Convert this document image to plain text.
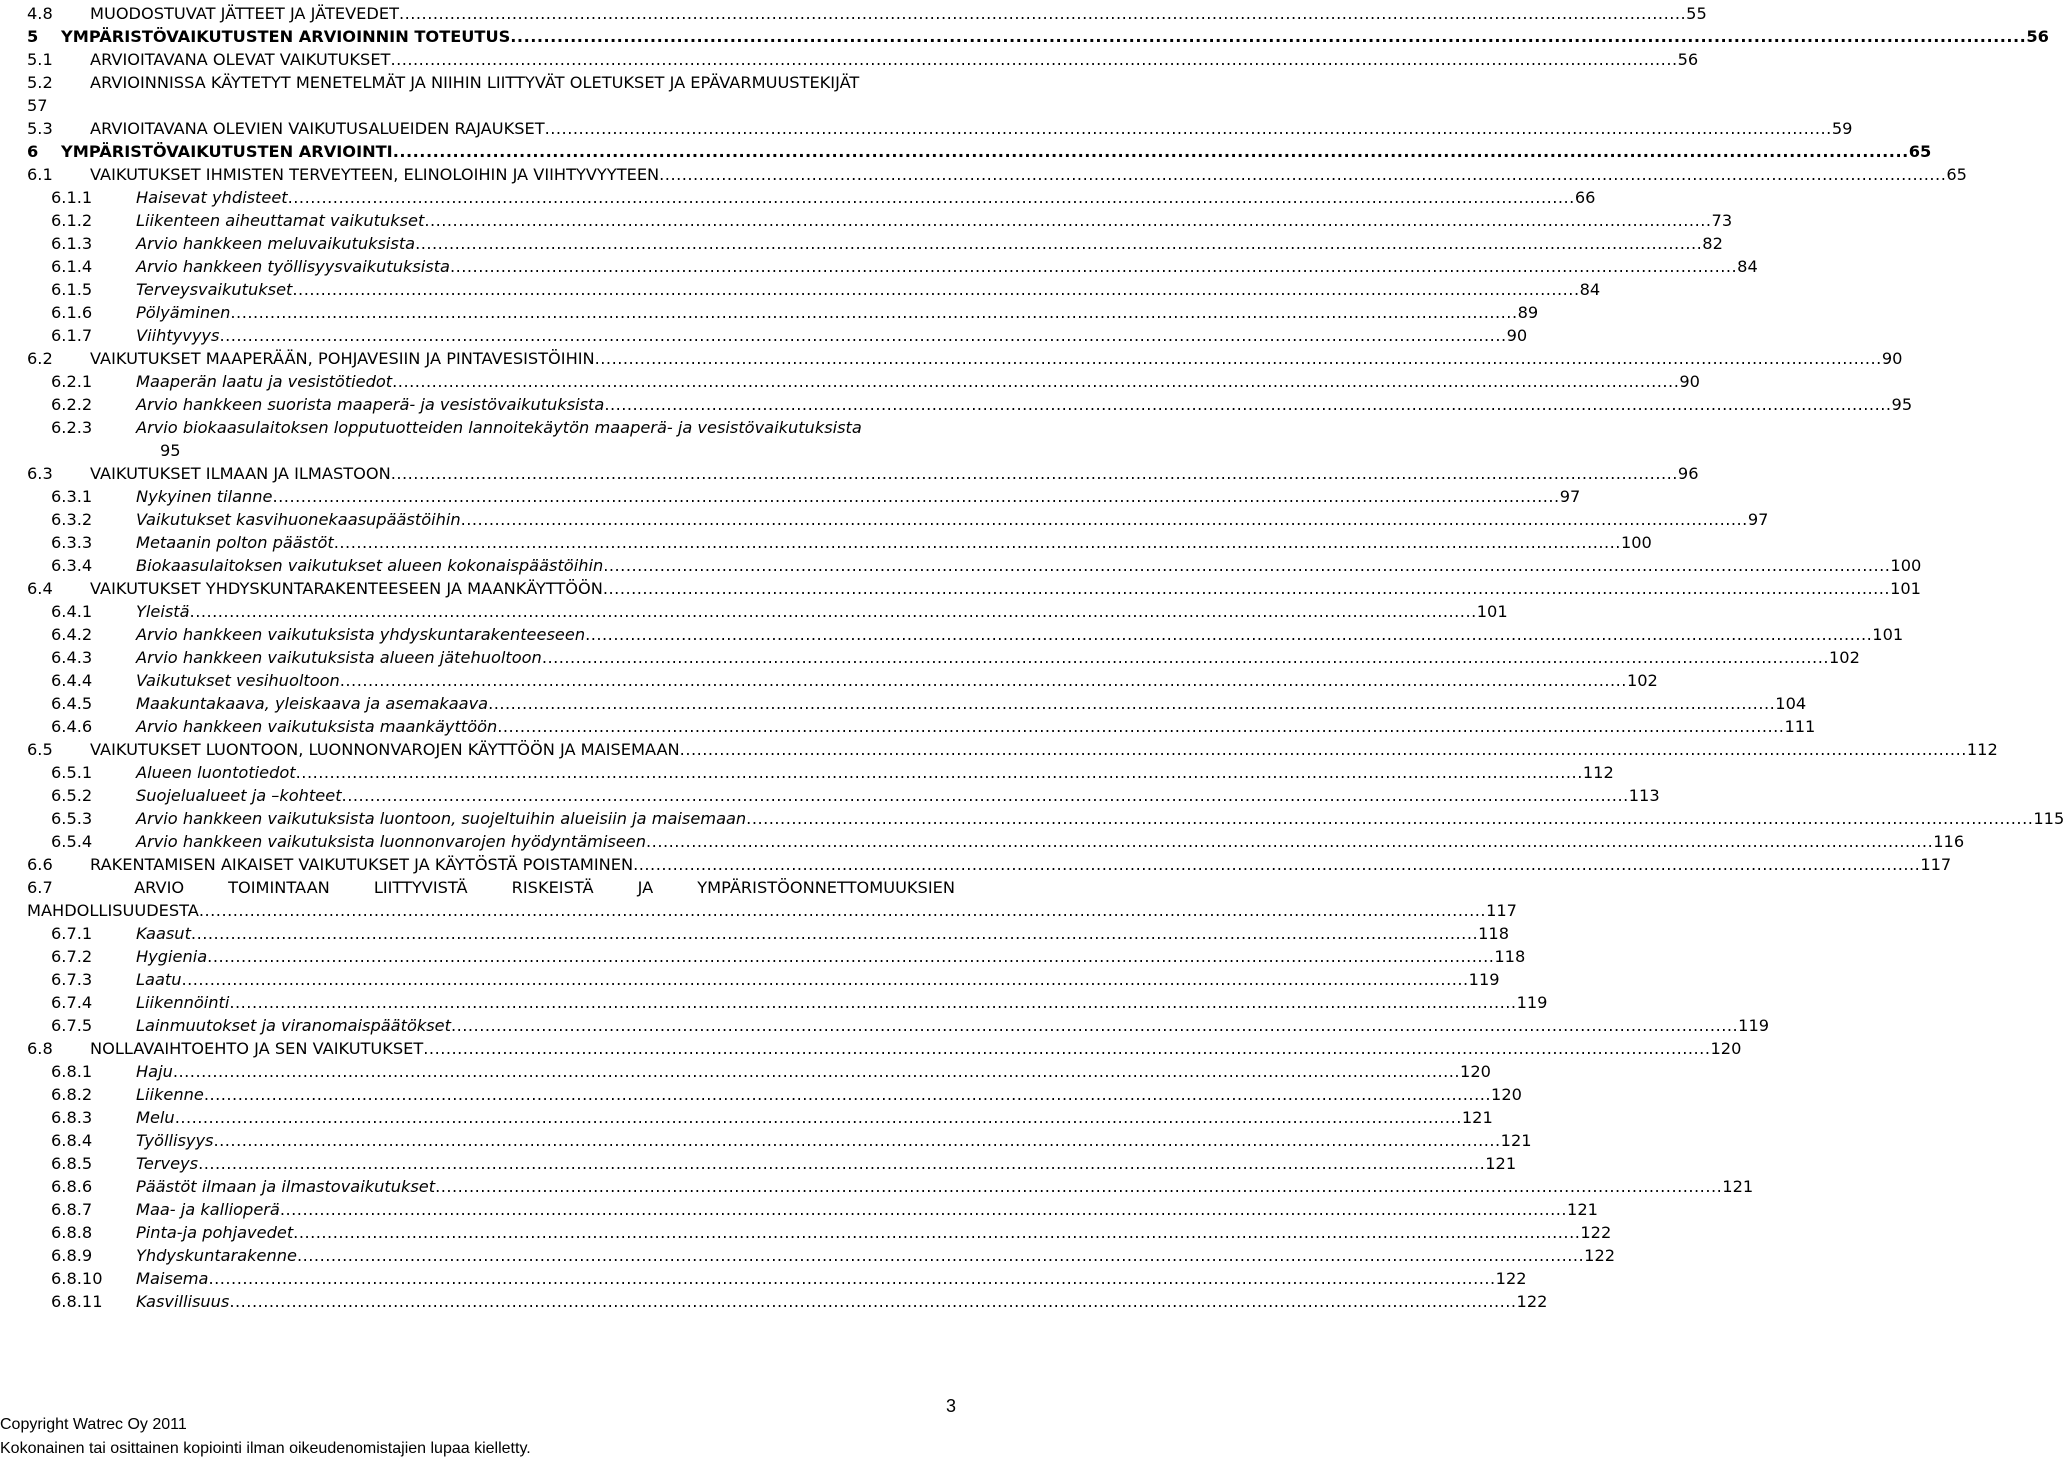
4.8	MUODOSTUVAT JÄTTEET JA JÄTEVEDET .....	55
5	YMPÄRISTÖVAIKUTUSTEN ARVIOINNIN TOTEUTUS .....	56
5.1	ARVIOITAVANA OLEVAT VAIKUTUKSET .....	56
5.2	ARVIOINNISSA KÄYTETYT MENETELMÄT JA NIIHIN LIITTYVÄT OLETUKSET JA EPÄVARMUUSTEKIJÄT
57
5.3	ARVIOITAVANA OLEVIEN VAIKUTUSALUEIDEN RAJAUKSET .....	59
6	YMPÄRISTÖVAIKUTUSTEN ARVIOINTI .....	65
6.1	VAIKUTUKSET IHMISTEN TERVEYTEEN, ELINOLOIHIN JA VIIHTYVYYTEEN .....	65
6.1.1	Haisevat yhdisteet .....	66
6.1.2	Liikenteen aiheuttamat vaikutukset .....	73
6.1.3	Arvio hankkeen meluvaikutuksista .....	82
6.1.4	Arvio hankkeen työllisyysvaikutuksista .....	84
6.1.5	Terveysvaikutukset .....	84
6.1.6	Pölyäminen .....	89
6.1.7	Viihtyvyys .....	90
6.2	VAIKUTUKSET MAAPERÄÄN, POHJAVESIIN JA PINTAVESISTÖIHIN .....	90
6.2.1	Maaperän laatu ja vesistötiedot .....	90
6.2.2	Arvio hankkeen suorista maaperä- ja vesistövaikutuksista .....	95
6.2.3	Arvio biokaasulaitoksen lopputuotteiden lannoitekäytön maaperä- ja vesistövaikutuksista
95
6.3	VAIKUTUKSET ILMAAN JA ILMASTOON .....	96
6.3.1	Nykyinen tilanne .....	97
6.3.2	Vaikutukset kasvihuonekaasupäästöihin .....	97
6.3.3	Metaanin polton päästöt .....	100
6.3.4	Biokaasulaitoksen vaikutukset alueen kokonaispäästöihin .....	100
6.4	VAIKUTUKSET YHDYSKUNTARAKENTEESEEN JA MAANKÄYTTÖÖN .....	101
6.4.1	Yleistä .....	101
6.4.2	Arvio hankkeen vaikutuksista yhdyskuntarakenteeseen .....	101
6.4.3	Arvio hankkeen vaikutuksista alueen jätehuoltoon .....	102
6.4.4	Vaikutukset vesihuoltoon .....	102
6.4.5	Maakuntakaava, yleiskaava ja asemakaava .....	104
6.4.6	Arvio hankkeen vaikutuksista maankäyttöön .....	111
6.5	VAIKUTUKSET LUONTOON, LUONNONVAROJEN KÄYTTÖÖN JA MAISEMAAN .....	112
6.5.1	Alueen luontotiedot .....	112
6.5.2	Suojelualueet ja –kohteet .....	113
6.5.3	Arvio hankkeen vaikutuksista luontoon, suojeltuihin alueisiin ja maisemaan .....	115
6.5.4	Arvio hankkeen vaikutuksista luonnonvarojen hyödyntämiseen .....	116
6.6	RAKENTAMISEN AIKAISET VAIKUTUKSET JA KÄYTÖSTÄ POISTAMINEN .....	117
6.7	ARVIO	TOIMINTAAN	LIITTYVISTÄ	RISKEISTÄ	JA	YMPÄRISTÖONNETTOMUUKSIEN
MAHDOLLISUUDESTA .....	117
6.7.1	Kaasut .....	118
6.7.2	Hygienia .....	118
6.7.3	Laatu .....	119
6.7.4	Liikennöinti .....	119
6.7.5	Lainmuutokset ja viranomaispäätökset .....	119
6.8	NOLLAVAIHTOEHTO JA SEN VAIKUTUKSET .....	120
6.8.1	Haju .....	120
6.8.2	Liikenne .....	120
6.8.3	Melu .....	121
6.8.4	Työllisyys .....	121
6.8.5	Terveys .....	121
6.8.6	Päästöt ilmaan ja ilmastovaikutukset .....	121
6.8.7	Maa- ja kallioperä .....	121
6.8.8	Pinta-ja pohjavedet .....	122
6.8.9	Yhdyskuntarakenne .....	122
6.8.10	Maisema .....	122
6.8.11	Kasvillisuus .....	122
3
Copyright Watrec Oy 2011
Kokonainen tai osittainen kopiointi ilman oikeudenomistajien lupaa kielletty.
